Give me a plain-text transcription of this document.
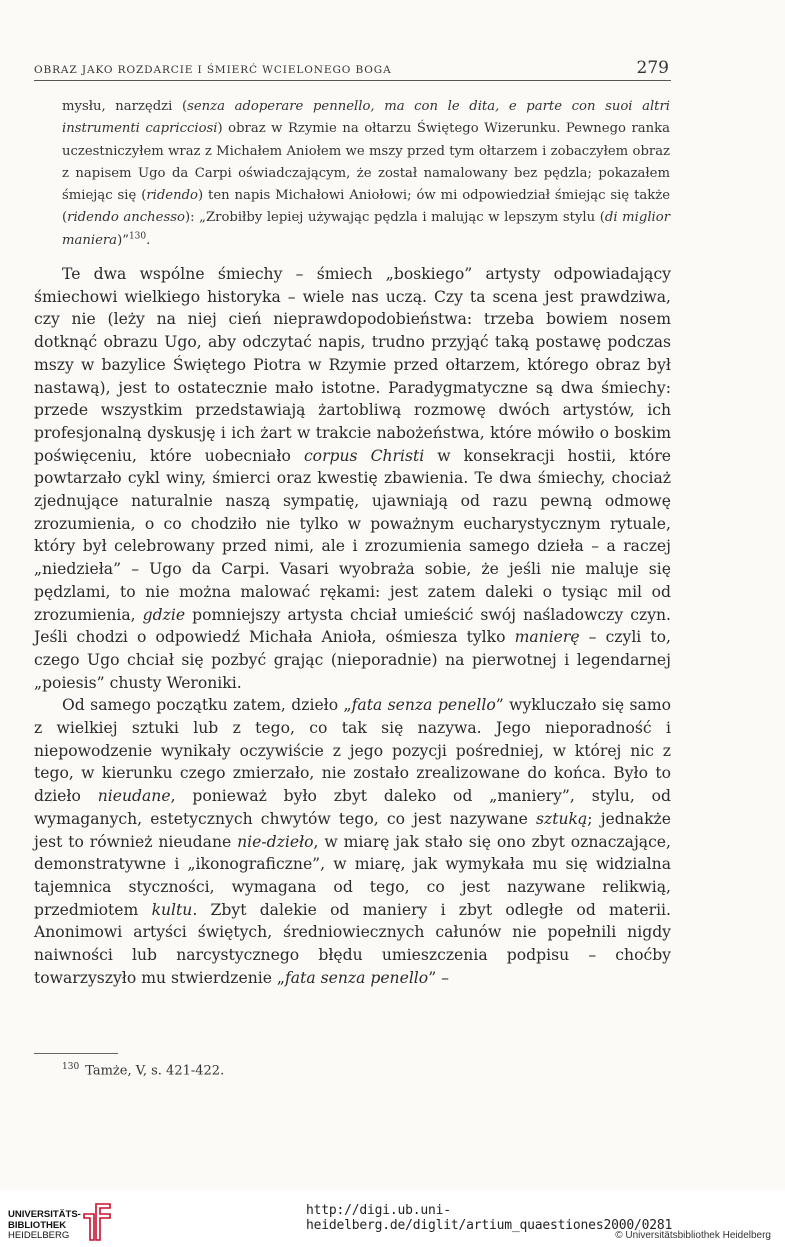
OBRAZ JAKO ROZDARCIE I ŚMIERĆ WCIELONEGO BOGA	279

mysłu, narzędzi (senza adoperare pennello, ma con le dita, e parte con suoi altri instrumenti capricciosi) obraz w Rzymie na ołtarzu Świętego Wizerunku. Pewnego ranka uczestniczyłem wraz z Michałem Aniołem we mszy przed tym ołtarzem i zobaczyłem obraz z napisem Ugo da Carpi oświadczającym, że został namalowany bez pędzla; pokazałem śmiejąc się (ridendo) ten napis Michałowi Aniołowi; ów mi odpowiedział śmiejąc się także (ridendo anchesso): „Zrobiłby lepiej używając pędzla i malując w lepszym stylu (di miglior maniera)”$^{130}$.

Te dwa wspólne śmiechy – śmiech „boskiego” artysty odpowiadający śmiechowi wielkiego historyka – wiele nas uczą. Czy ta scena jest prawdziwa, czy nie (leży na niej cień nieprawdopodobieństwa: trzeba bowiem nosem dotknąć obrazu Ugo, aby odczytać napis, trudno przyjąć taką postawę podczas mszy w bazylice Świętego Piotra w Rzymie przed ołtarzem, którego obraz był nastawą), jest to ostatecznie mało istotne. Paradygmatyczne są dwa śmiechy: przede wszystkim przedstawiają żartobliwą rozmowę dwóch artystów, ich profesjonalną dyskusję i ich żart w trakcie nabożeństwa, które mówiło o boskim poświęceniu, które uobecniało corpus Christi w konsekracji hostii, które powtarzało cykl winy, śmierci oraz kwestię zbawienia. Te dwa śmiechy, chociaż zjednujące naturalnie naszą sympatię, ujawniają od razu pewną odmowę zrozumienia, o co chodziło nie tylko w poważnym eucharystycznym rytuale, który był celebrowany przed nimi, ale i zrozumienia samego dzieła – a raczej „niedzieła” – Ugo da Carpi. Vasari wyobraża sobie, że jeśli nie maluje się pędzlami, to nie można malować rękami: jest zatem daleki o tysiąc mil od zrozumienia, gdzie pomniejszy artysta chciał umieścić swój naśladowczy czyn. Jeśli chodzi o odpowiedź Michała Anioła, ośmiesza tylko manierę – czyli to, czego Ugo chciał się pozbyć grając (nieporadnie) na pierwotnej i legendarnej „poiesis” chusty Weroniki.

Od samego początku zatem, dzieło „fata senza penello” wykluczało się samo z wielkiej sztuki lub z tego, co tak się nazywa. Jego nieporadność i niepowodzenie wynikały oczywiście z jego pozycji pośredniej, w której nic z tego, w kierunku czego zmierzało, nie zostało zrealizowane do końca. Było to dzieło nieudane, ponieważ było zbyt daleko od „maniery”, stylu, od wymaganych, estetycznych chwytów tego, co jest nazywane sztuką; jednakże jest to również nieudane nie-dzieło, w miarę jak stało się ono zbyt oznaczające, demonstratywne i „ikonograficzne”, w miarę, jak wymykała mu się widzialna tajemnica styczności, wymagana od tego, co jest nazywane relikwią, przedmiotem kultu. Zbyt dalekie od maniery i zbyt odległe od materii. Anonimowi artyści świętych, średniowiecznych całunów nie popełnili nigdy naiwności lub narcystycznego błędu umieszczenia podpisu – choćby towarzyszyło mu stwierdzenie „fata senza penello” –

$^{130}$ Tamże, V, s. 421-422.
UNIVERSITÄTS-
BIBLIOTHEK
HEIDELBERG
http://digi.ub.uni-heidelberg.de/diglit/artium_quaestiones2000/0281
© Universitätsbibliothek Heidelberg
